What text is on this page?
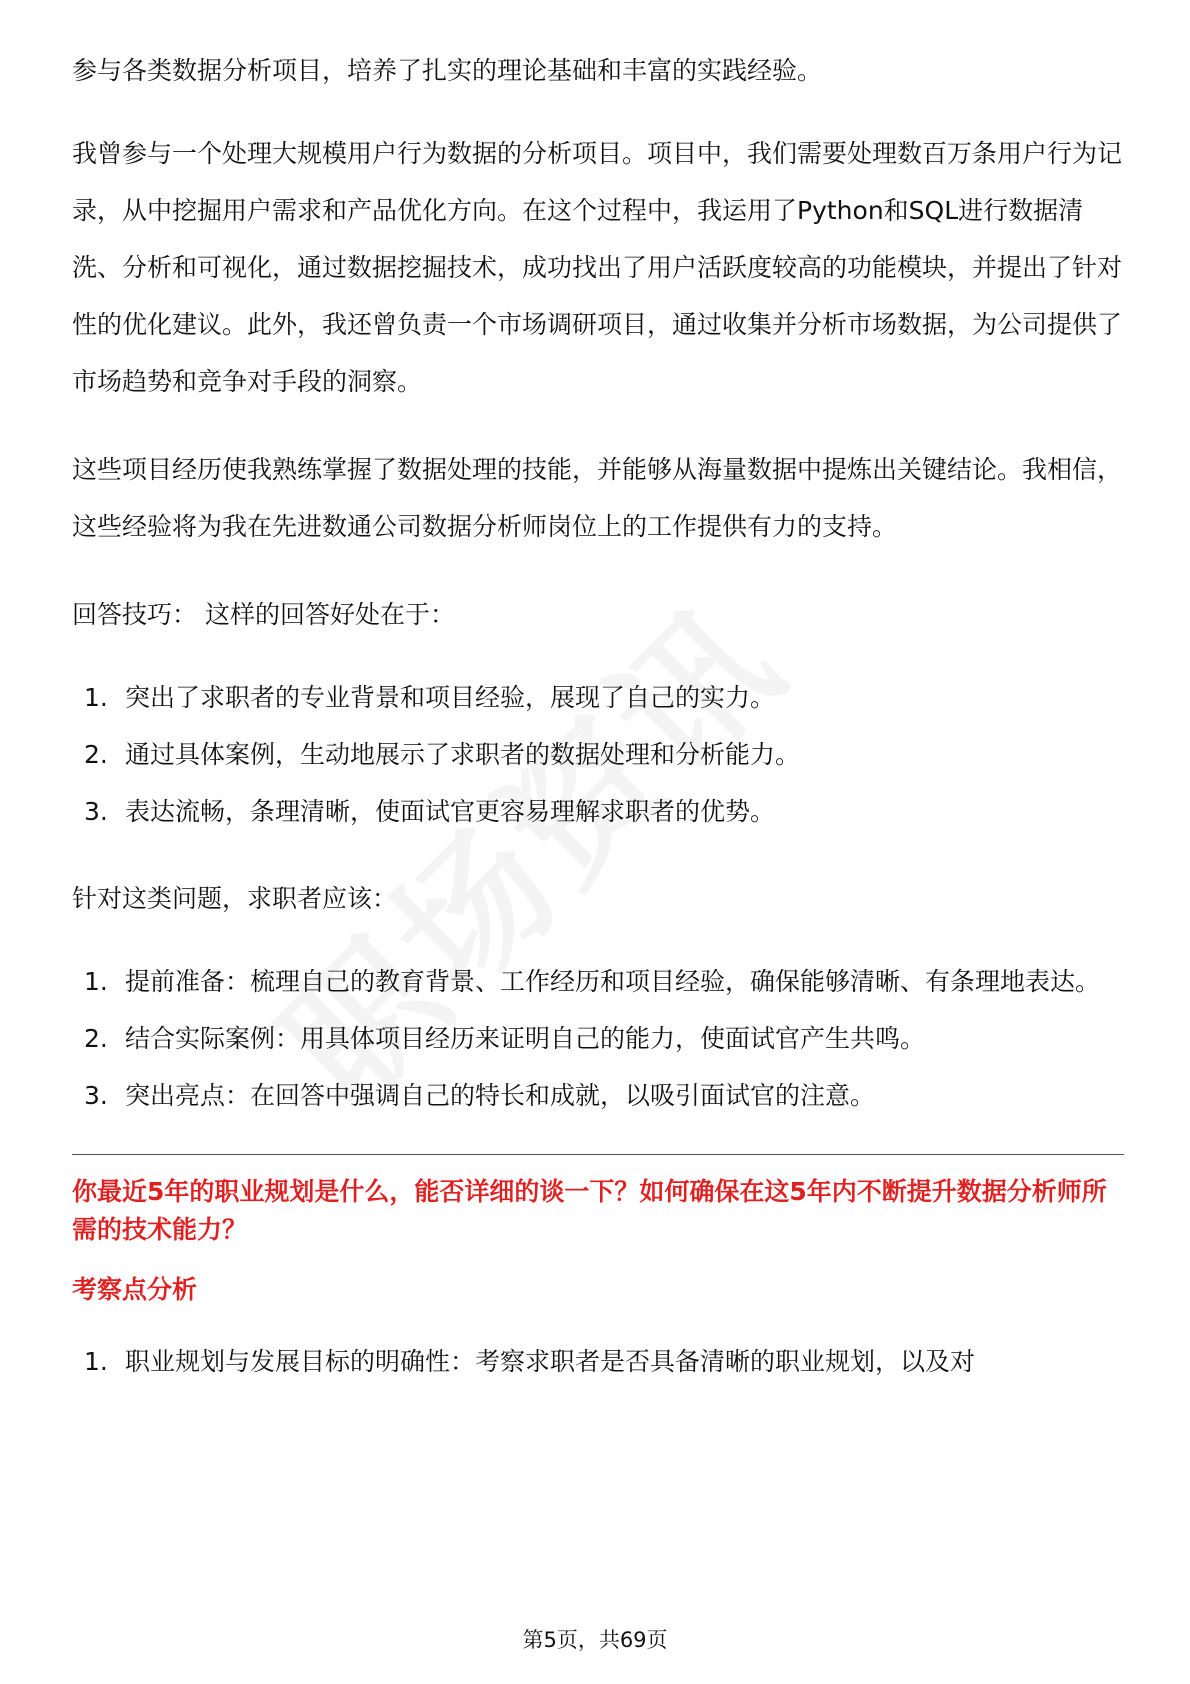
参与各类数据分析项目，培养了扎实的理论基础和丰富的实践经验。

我曾参与一个处理大规模用户行为数据的分析项目。项目中，我们需要处理数百万条用户行为记录，从中挖掘用户需求和产品优化方向。在这个过程中，我运用了Python和SQL进行数据清洗、分析和可视化，通过数据挖掘技术，成功找出了用户活跃度较高的功能模块，并提出了针对性的优化建议。此外，我还曾负责一个市场调研项目，通过收集并分析市场数据，为公司提供了市场趋势和竞争对手段的洞察。

这些项目经历使我熟练掌握了数据处理的技能，并能够从海量数据中提炼出关键结论。我相信，这些经验将为我在先进数通公司数据分析师岗位上的工作提供有力的支持。

回答技巧： 这样的回答好处在于：

1. 突出了求职者的专业背景和项目经验，展现了自己的实力。
2. 通过具体案例，生动地展示了求职者的数据处理和分析能力。
3. 表达流畅，条理清晰，使面试官更容易理解求职者的优势。

针对这类问题，求职者应该：

1. 提前准备：梳理自己的教育背景、工作经历和项目经验，确保能够清晰、有条理地表达。
2. 结合实际案例：用具体项目经历来证明自己的能力，使面试官产生共鸣。
3. 突出亮点：在回答中强调自己的特长和成就，以吸引面试官的注意。
你最近5年的职业规划是什么，能否详细的谈一下？如何确保在这5年内不断提升数据分析师所需的技术能力？
考察点分析
1. 职业规划与发展目标的明确性：考察求职者是否具备清晰的职业规划，以及对
第5页，共69页
